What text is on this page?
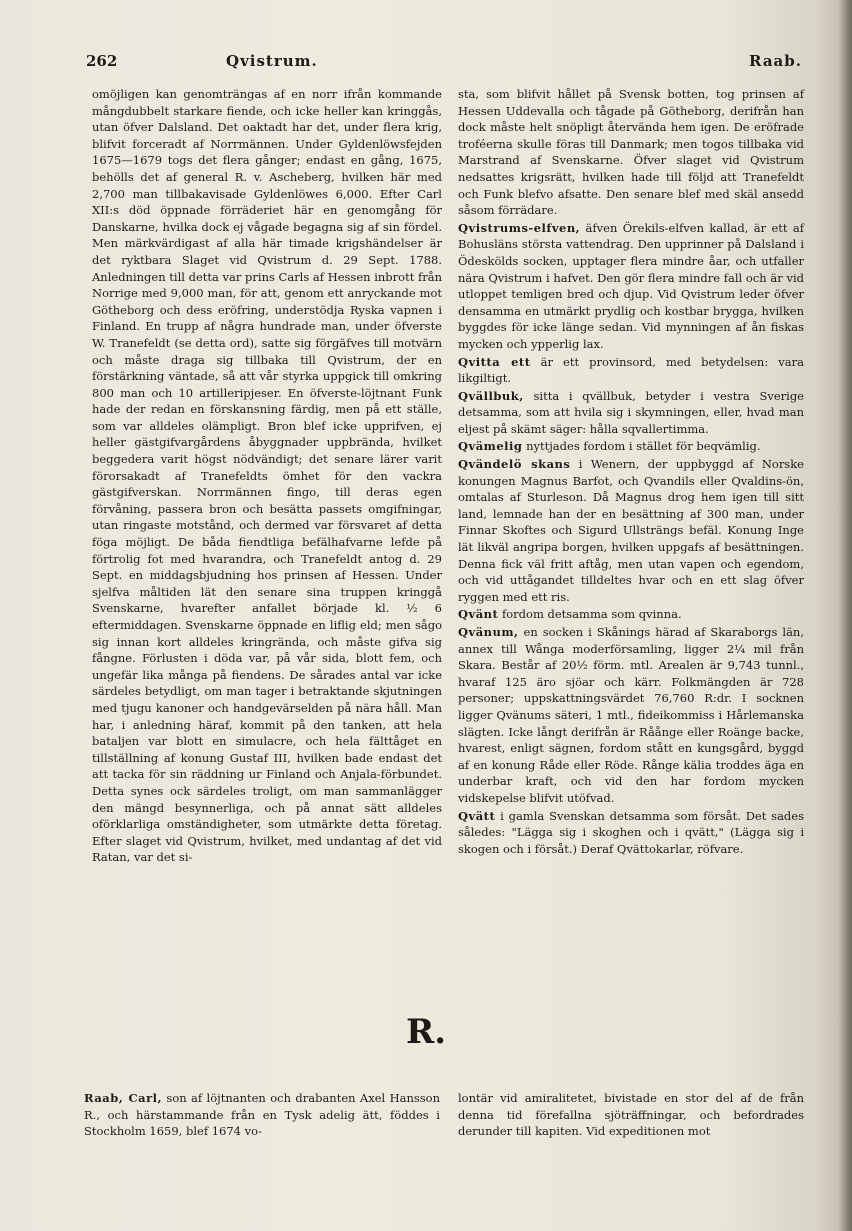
262	Qvistrum.	Raab.

omöjligen kan genomträngas af en norr ifrån kommande mångdubbelt starkare fiende, och icke heller kan kringgås, utan öfver Dalsland. Det oaktadt har det, under flera krig, blifvit forceradt af Norrmännen. Under Gyldenlöwsfejden 1675—1679 togs det flera gånger; endast en gång, 1675, behölls det af general R. v. Ascheberg, hvilken här med 2,700 man tillbakavisade Gyldenlöwes 6,000. Efter Carl XII:s död öppnade förräderiet här en genomgång för Danskarne, hvilka dock ej vågade begagna sig af sin fördel. Men märkvärdigast af alla här timade krigshändelser är det ryktbara Slaget vid Qvistrum d. 29 Sept. 1788. Anledningen till detta var prins Carls af Hessen inbrott från Norrige med 9,000 man, för att, genom ett anryckande mot Götheborg och dess eröfring, understödja Ryska vapnen i Finland. En trupp af några hundrade man, under öfverste W. Tranefeldt (se detta ord), satte sig förgäfves till motvärn och måste draga sig tillbaka till Qvistrum, der en förstärkning väntade, så att vår styrka uppgick till omkring 800 man och 10 artilleripjeser. En öfverste-löjtnant Funk hade der redan en förskansning färdig, men på ett ställe, som var alldeles olämpligt. Bron blef icke upprifven, ej heller gästgifvargårdens åbyggnader uppbrända, hvilket beggedera varit högst nödvändigt; det senare lärer varit förorsakadt af Tranefeldts ömhet för den vackra gästgifverskan. Norrmännen fingo, till deras egen förvåning, passera bron och besätta passets omgifningar, utan ringaste motstånd, och dermed var försvaret af detta föga möjligt. De båda fiendtliga befälhafvarne lefde på förtrolig fot med hvarandra, och Tranefeldt antog d. 29 Sept. en middagsbjudning hos prinsen af Hessen. Under sjelfva måltiden lät den senare sina truppen kringgå Svenskarne, hvarefter anfallet började kl. ½ 6 eftermiddagen. Svenskarne öppnade en liflig eld; men sågo sig innan kort alldeles kringrända, och måste gifva sig fångne. Förlusten i döda var, på vår sida, blott fem, och ungefär lika många på fiendens. De sårades antal var icke särdeles betydligt, om man tager i betraktande skjutningen med tjugu kanoner och handgevärselden på nära håll. Man har, i anledning häraf, kommit på den tanken, att hela bataljen var blott en simulacre, och hela fälttåget en tillställning af konung Gustaf III, hvilken bade endast det att tacka för sin räddning ur Finland och Anjala-förbundet. Detta synes ock särdeles troligt, om man sammanlägger den mängd besynnerliga, och på annat sätt alldeles oförklarliga omständigheter, som utmärkte detta företag. Efter slaget vid Qvistrum, hvilket, med undantag af det vid Ratan, var det si-

sta, som blifvit hållet på Svensk botten, tog prinsen af Hessen Uddevalla och tågade på Götheborg, derifrån han dock måste helt snöpligt återvända hem igen. De eröfrade troféerna skulle föras till Danmark; men togos tillbaka vid Marstrand af Svenskarne. Öfver slaget vid Qvistrum nedsattes krigsrätt, hvilken hade till följd att Tranefeldt och Funk blefvo afsatte. Den senare blef med skäl ansedd såsom förrädare.

Qvistrums-elfven, äfven Örekils-elfven kallad, är ett af Bohusläns största vattendrag. Den upprinner på Dalsland i Ödeskölds socken, upptager flera mindre åar, och utfaller nära Qvistrum i hafvet. Den gör flera mindre fall och är vid utloppet temligen bred och djup. Vid Qvistrum leder öfver densamma en utmärkt prydlig och kostbar brygga, hvilken byggdes för icke länge sedan. Vid mynningen af ån fiskas mycken och ypperlig lax.

Qvitta ett är ett provinsord, med betydelsen: vara likgiltigt.

Qvällbuk, sitta i qvällbuk, betyder i vestra Sverige detsamma, som att hvila sig i skymningen, eller, hvad man eljest på skämt säger: hålla sqvallertimma.

Qvämelig nyttjades fordom i stället för beqvämlig.

Qvändelö skans i Wenern, der uppbyggd af Norske konungen Magnus Barfot, och Qvandils eller Qvaldins-ön, omtalas af Sturleson. Då Magnus drog hem igen till sitt land, lemnade han der en besättning af 300 man, under Finnar Skoftes och Sigurd Ullsträngs befäl. Konung Inge lät likväl angripa borgen, hvilken uppgafs af besättningen. Denna fick väl fritt aftåg, men utan vapen och egendom, och vid uttågandet tilldeltes hvar och en ett slag öfver ryggen med ett ris.

Qvänt fordom detsamma som qvinna.

Qvänum, en socken i Skånings härad af Skaraborgs län, annex till Wånga moderförsamling, ligger 2¼ mil från Skara. Består af 20½ förm. mtl. Arealen är 9,743 tunnl., hvaraf 125 äro sjöar och kärr. Folkmängden är 728 personer; uppskattningsvärdet 76,760 R:dr. I socknen ligger Qvänums säteri, 1 mtl., fideikommiss i Hårlemanska slägten. Icke långt derifrån är Råånge eller Roänge backe, hvarest, enligt sägnen, fordom stått en kungsgård, byggd af en konung Råde eller Röde. Rånge kälia troddes äga en underbar kraft, och vid den har fordom mycken vidskepelse blifvit utöfvad.

Qvätt i gamla Svenskan detsamma som försåt. Det sades således: "Lägga sig i skoghen och i qvätt," (Lägga sig i skogen och i försåt.) Deraf Qvättokarlar, röfvare.

R.

Raab, Carl, son af löjtnanten och drabanten Axel Hansson R., och härstammande från en Tysk adelig ätt, föddes i Stockholm 1659, blef 1674 vo-

lontär vid amiralitetet, bivistade en stor del af de från denna tid förefallna sjöträffningar, och befordrades derunder till kapiten. Vid expeditionen mot
